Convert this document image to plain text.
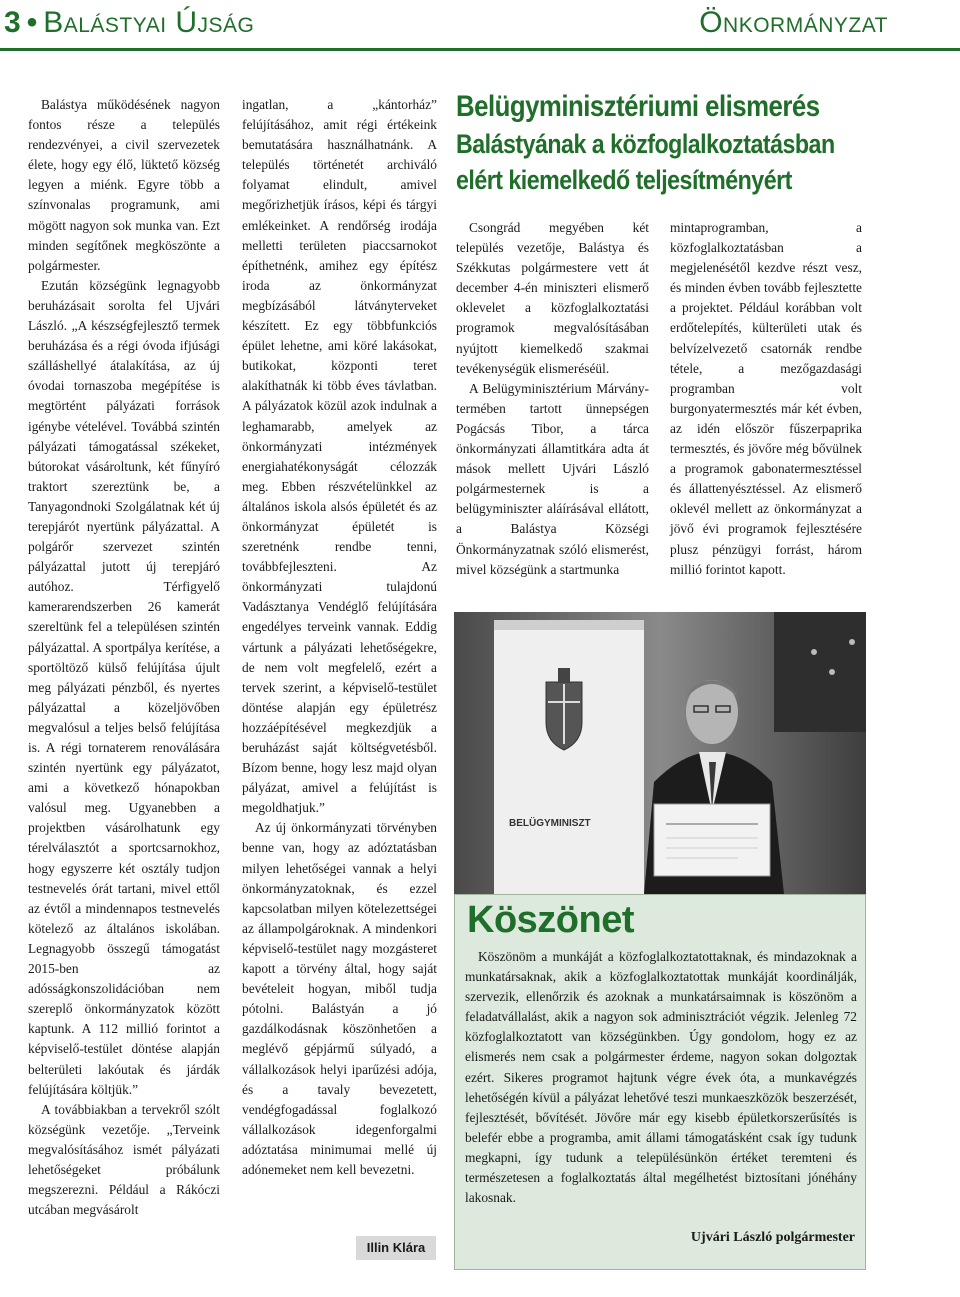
3 • Balástyai Újság	Önkormányzat

Balástya működésének nagyon fontos része a település rendezvényei, a civil szervezetek élete, hogy egy élő, lüktető község legyen a miénk. Egyre több a színvonalas programunk, ami mögött nagyon sok munka van. Ezt minden segítőnek megköszönte a polgármester.

Ezután községünk legnagyobb beruházásait sorolta fel Ujvári László. „A készségfejlesztő termek beruházása és a régi óvoda ifjúsági szálláshellyé átalakítása, az új óvodai tornaszoba megépítése is megtörtént pályázati források igénybe vételével. Továbbá szintén pályázati támogatással székeket, bútorokat vásároltunk, két fűnyíró traktort szereztünk be, a Tanyagondnoki Szolgálatnak két új terepjárót nyertünk pályázattal. A polgárőr szervezet szintén pályázattal jutott új terepjáró autóhoz. Térfigyelő kamerarendszerben 26 kamerát szereltünk fel a településen szintén pályázattal. A sportpálya kerítése, a sportöltöző külső felújítása újult meg pályázati pénzből, és nyertes pályázattal a közeljövőben megvalósul a teljes belső felújítása is. A régi tornaterem renoválására szintén nyertünk egy pályázatot, ami a következő hónapokban valósul meg. Ugyanebben a projektben vásárolhatunk egy térelválasztót a sportcsarnokhoz, hogy egyszerre két osztály tudjon testnevelés órát tartani, mivel ettől az évtől a mindennapos testnevelés kötelező az általános iskolában. Legnagyobb összegű támogatást 2015-ben az adósságkonszolidációban nem szereplő önkormányzatok között kaptunk. A 112 millió forintot a képviselő-testület döntése alapján belterületi lakóutak és járdák felújítására költjük.”

A továbbiakban a tervekről szólt községünk vezetője. „Terveink megvalósításához ismét pályázati lehetőségeket próbálunk megszerezni. Például a Rákóczi utcában megvásárolt

ingatlan, a „kántorház” felújításához, amit régi értékeink bemutatására használhatnánk. A település történetét archiváló folyamat elindult, amivel megőrizhetjük írásos, képi és tárgyi emlékeinket. A rendőrség irodája melletti területen piaccsarnokot építhetnénk, amihez egy építész iroda az önkormányzat megbízásából látványterveket készített. Ez egy többfunkciós épület lehetne, ami köré lakásokat, butikokat, központi teret alakíthatnák ki több éves távlatban. A pályázatok közül azok indulnak a leghamarabb, amelyek az önkormányzati intézmények energiahatékonyságát célozzák meg. Ebben részvételünkkel az általános iskola alsós épületét és az önkormányzat épületét is szeretnénk rendbe tenni, továbbfejleszteni. Az önkormányzati tulajdonú Vadásztanya Vendéglő felújítására engedélyes terveink vannak. Eddig vártunk a pályázati lehetőségekre, de nem volt megfelelő, ezért a tervek szerint, a képviselő-testület döntése alapján egy épületrész hozzáépítésével megkezdjük a beruházást saját költségvetésből. Bízom benne, hogy lesz majd olyan pályázat, amivel a felújítást is megoldhatjuk.”

Az új önkormányzati törvényben benne van, hogy az adóztatásban milyen lehetőségei vannak a helyi önkormányzatoknak, és ezzel kapcsolatban milyen kötelezettségei az állampolgároknak. A mindenkori képviselő-testület nagy mozgásteret kapott a törvény által, hogy saját bevételeit hogyan, miből tudja pótolni. Balástyán a jó gazdálkodásnak köszönhetően a meglévő gépjármű súlyadó, a vállalkozások helyi iparűzési adója, és a tavaly bevezetett, vendégfogadással foglalkozó vállalkozások idegenforgalmi adóztatása minimumai mellé új adónemeket nem kell bevezetni.

Illin Klára
Belügyminisztériumi elismerés
Balástyának a közfoglalkoztatásban
elért kiemelkedő teljesítményért

Csongrád megyében két település vezetője, Balástya és Székkutas polgármestere vett át december 4-én miniszteri elismerő oklevelet a közfoglalkoztatási programok megvalósításában nyújtott kiemelkedő szakmai tevékenységük elismeréséül.

A Belügyminisztérium Márvány-termében tartott ünnepségen Pogácsás Tibor, a tárca önkormányzati államtitkára adta át mások mellett Ujvári László polgármesternek is a belügyminiszter aláírásával ellátott, a Balástya Községi Önkormányzatnak szóló elismerést, mivel községünk a startmunka

mintaprogramban, a közfoglalkoztatásban a megjelenésétől kezdve részt vesz, és minden évben tovább fejlesztette a projektet. Például korábban volt erdőtelepítés, külterületi utak és belvízelvezető csatornák rendbe tétele, a mezőgazdasági programban volt burgonyatermesztés már két évben, az idén először fűszerpaprika termesztés, és jövőre még bővülnek a programok gabonatermesztéssel és állattenyésztéssel. Az elismerő oklevél mellett az önkormányzat a jövő évi programok fejlesztésére plusz pénzügyi forrást, három millió forintot kapott.

BELÜGYMINISZT
Köszönet

Köszönöm a munkáját a közfoglalkoztatottaknak, és mindazoknak a munkatársaknak, akik a közfoglalkoztatottak munkáját koordinálják, szervezik, ellenőrzik és azoknak a munkatársaimnak is köszönöm a feladatvállalást, akik a nagyon sok adminisztrációt végzik. Jelenleg 72 közfoglalkoztatott van községünkben. Úgy gondolom, hogy ez az elismerés nem csak a polgármester érdeme, nagyon sokan dolgoztak ezért. Sikeres programot hajtunk végre évek óta, a munkavégzés lehetőségén kívül a pályázat lehetővé teszi munkaeszközök beszerzését, fejlesztését, bővítését. Jövőre már egy kisebb épületkorszerűsítés is belefér ebbe a programba, amit állami támogatásként csak így tudunk megkapni, így tudunk a településünkön értéket teremteni és természetesen a foglalkoztatás által megélhetést biztosítani jónéhány lakosnak.

Ujvári László polgármester
